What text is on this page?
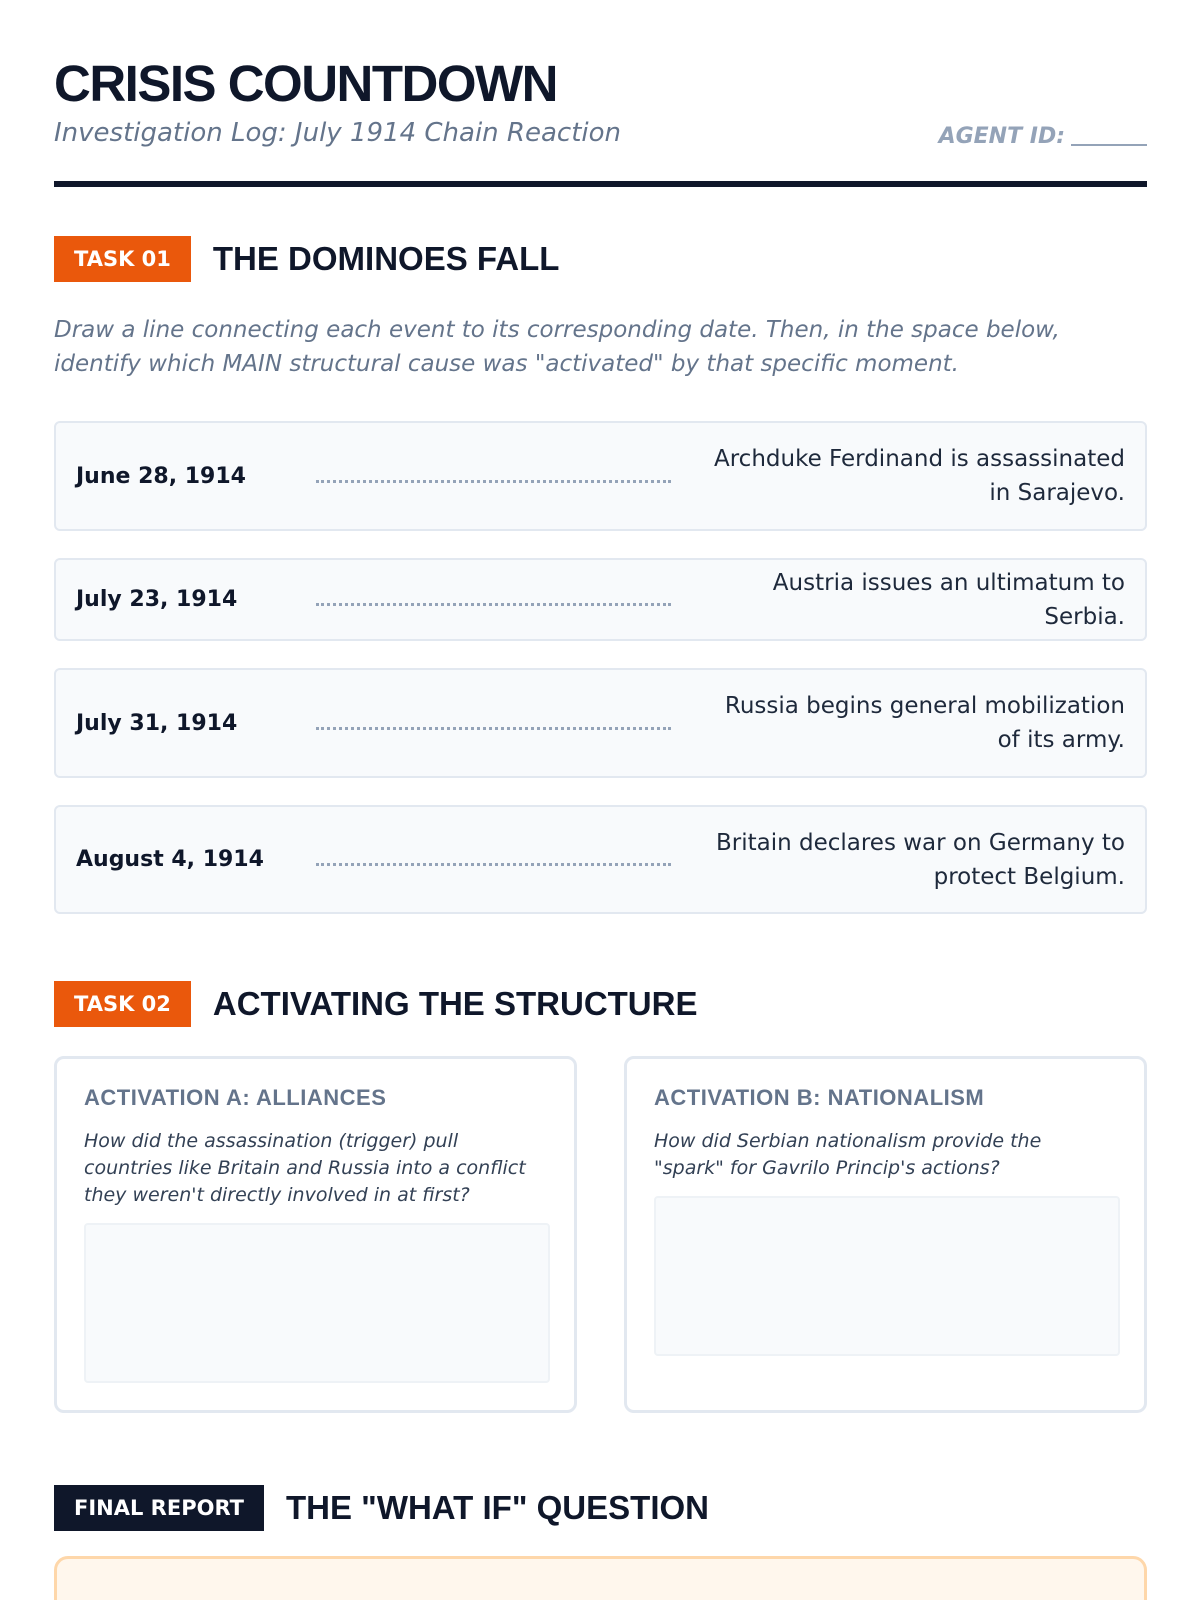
CRISIS COUNTDOWN
Investigation Log: July 1914 Chain Reaction	AGENT ID:
TASK 01	THE DOMINOES FALL

Draw a line connecting each event to its corresponding date. Then, in the space below, identify which MAIN structural cause was "activated" by that specific moment.

June 28, 1914
Archduke Ferdinand is assassinated in Sarajevo.
July 23, 1914
Austria issues an ultimatum to Serbia.
July 31, 1914
Russia begins general mobilization of its army.
August 4, 1914
Britain declares war on Germany to protect Belgium.
TASK 02	ACTIVATING THE STRUCTURE
ACTIVATION A: ALLIANCES

How did the assassination (trigger) pull countries like Britain and Russia into a conflict they weren't directly involved in at first?

ACTIVATION B: NATIONALISM

How did Serbian nationalism provide the "spark" for Gavrilo Princip's actions?

FINAL REPORT	THE "WHAT IF" QUESTION
